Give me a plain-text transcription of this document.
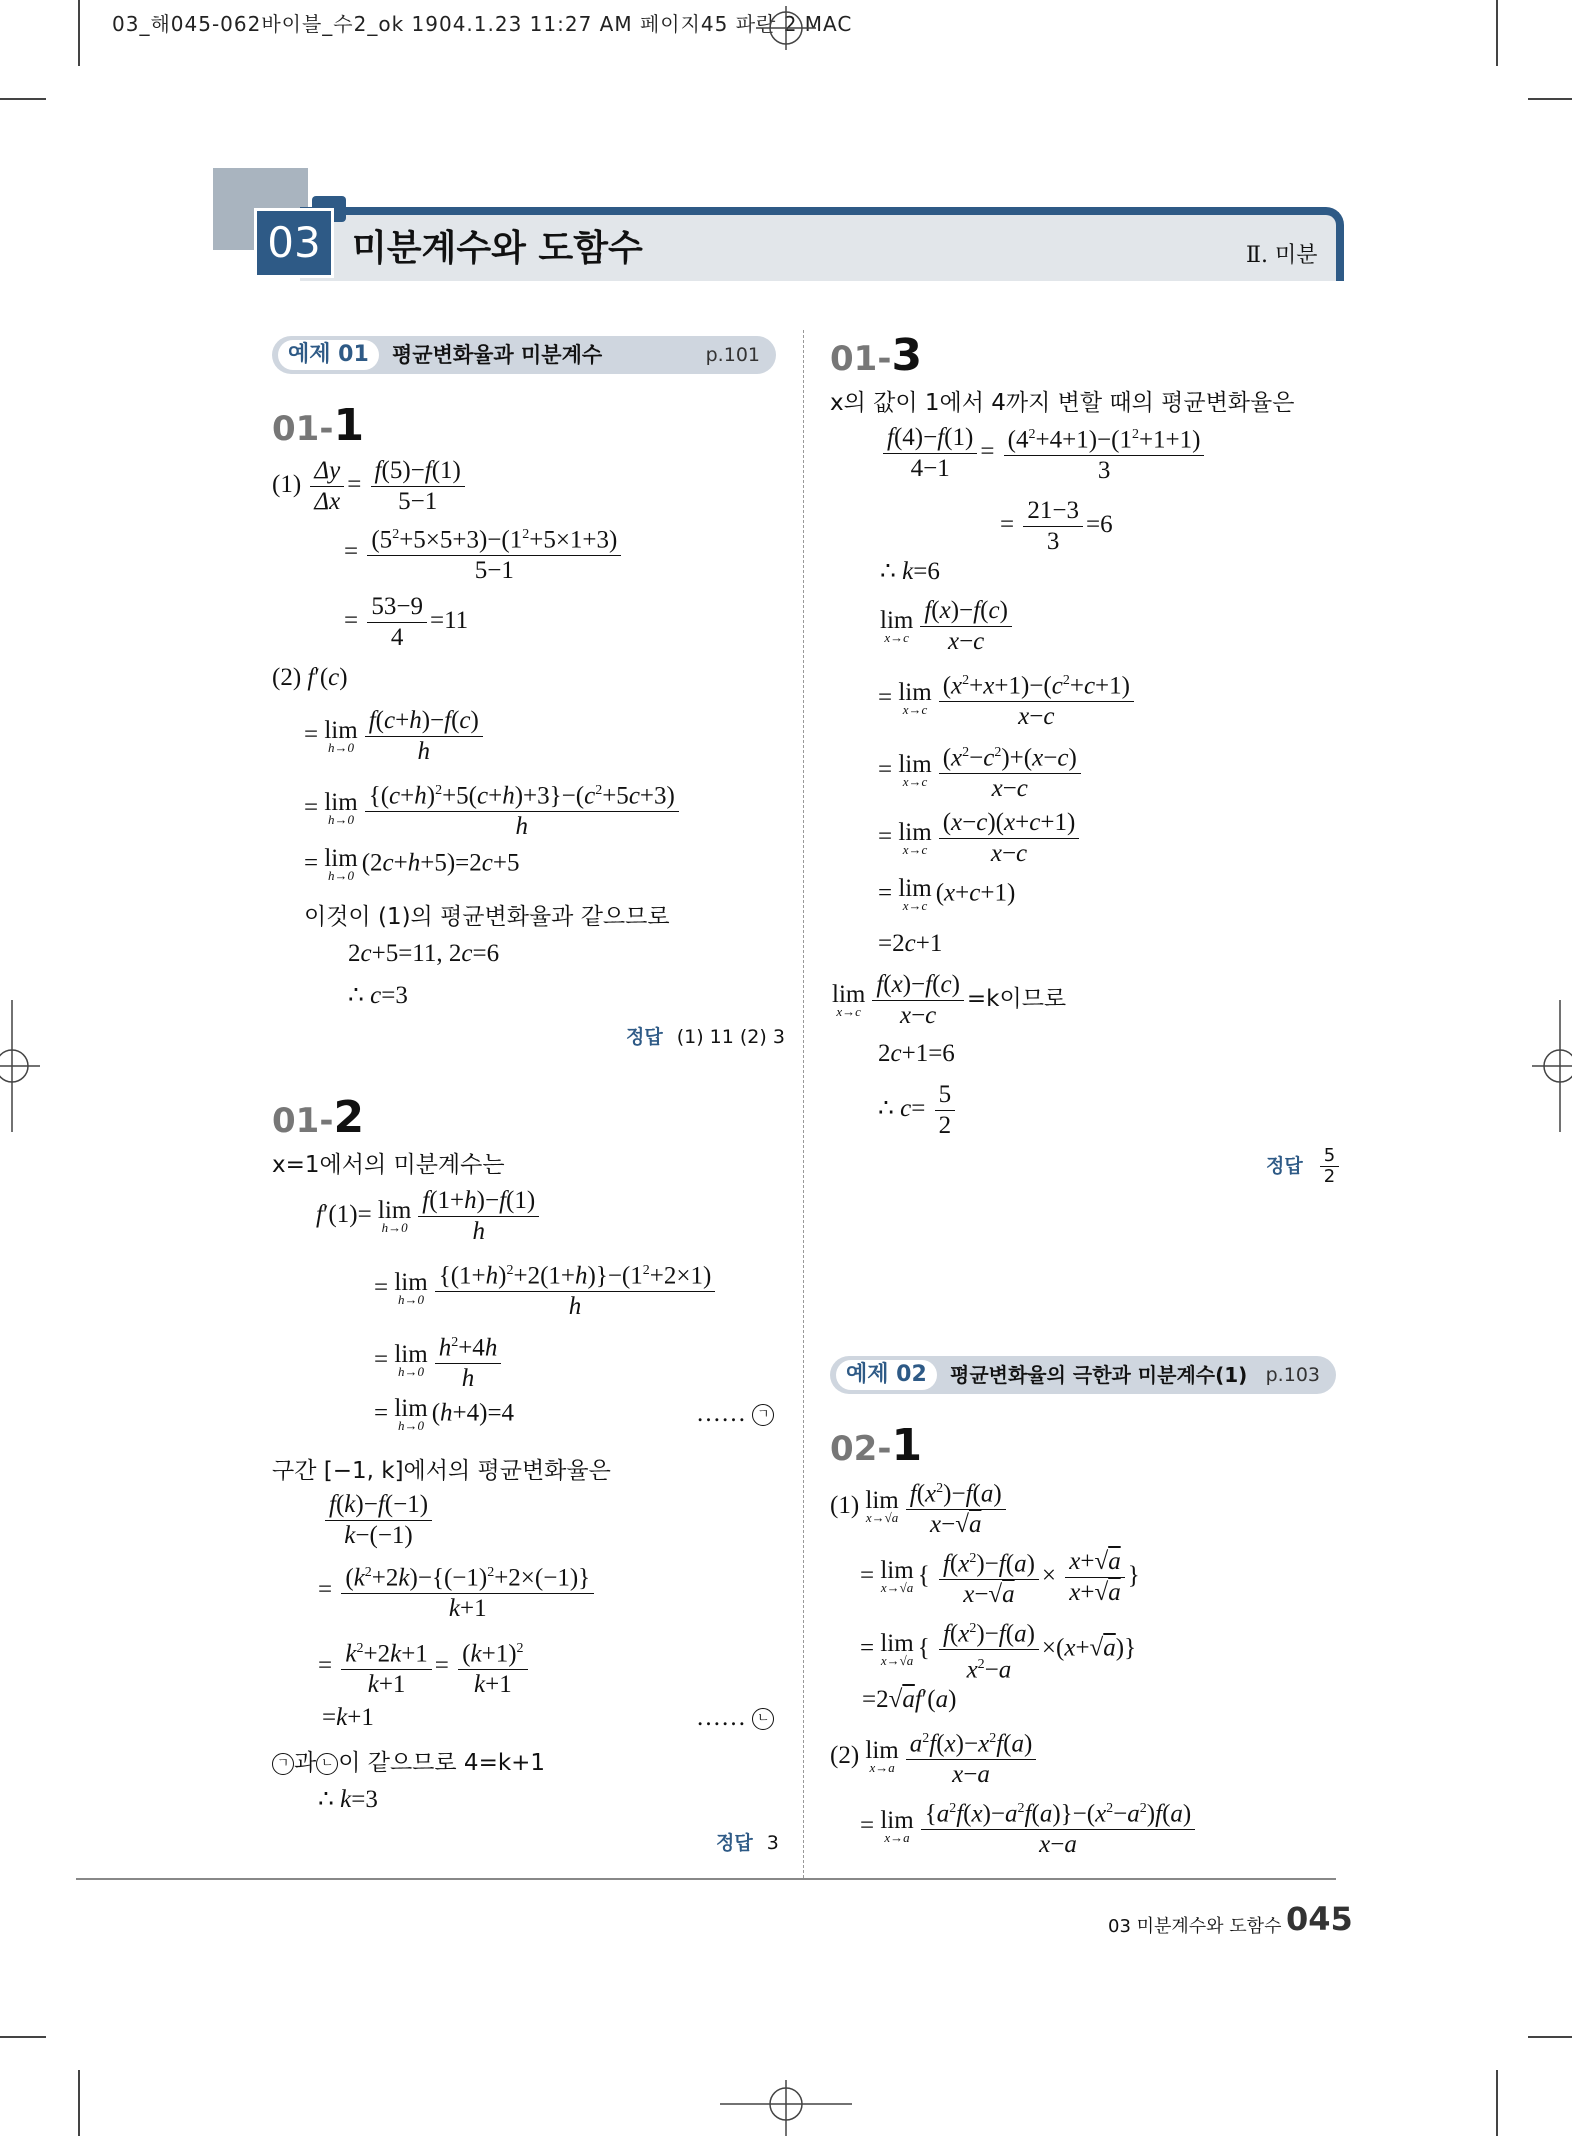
03_해045-062바이블_수2_ok 1904.1.23 11:27 AM 페이지45 파란 2 MAC
03 미분계수와 도함수	Ⅱ. 미분
예제 01	평균변화율과 미분계수	p.101
01-1
$(1) \frac{\Delta y}{\Delta x} = \frac{f(5)-f(1)}{5-1}$
= $\frac{(5^2+5\times 5+3)-(1^2+5\times 1+3)}{5-1}$
= $\frac{53-9}{4} =11$
(2) f′(c)
= lim
$h\to 0 \frac{f(c+h)-f(c)}{h}$
= lim
$h\to 0 \frac{\{(c+h)^2+5(c+h)+3\}-(c^2+5c+3)}{h}$
= lim
h→0 (2c+h+5)=2c+5
이것이 (1)의 평균변화율과 같으므로
2c+5=11, 2c=6
∴ c=3
정답 (1) 11 (2) 3
01-2
x=1에서의 미분계수는
f′(1)= lim
$h\to 0 \frac{f(1+h)-f(1)}{h}$
= lim
$h\to 0 \frac{\{(1+h)^2+2(1+h)\}-(1^2+2\times 1)}{h}$
= lim
$h\to 0 \frac{h^2+4h}{h}$
= lim
h→0 (h+4)=4	…… ㄱ
구간 [−1, k]에서의 평균변화율은
$\frac{f(k)-f(-1)}{k-(-1)}$
= $\frac{(k^2+2k)-\{(-1)^2+2\times(-1)\}}{k+1}$
= $\frac{k^2+2k+1}{k+1} = \frac{(k+1)^2}{k+1}$
=k+1	…… ㄴ
ㄱ 과 ㄴ 이 같으므로 4=k+1
∴ k=3
정답 3
01-3
x의 값이 1에서 4까지 변할 때의 평균변화율은
$\frac{f(4)-f(1)}{4-1} = \frac{(4^2+4+1)-(1^2+1+1)}{3}$
= $\frac{21-3}{3} =6$
∴ k=6
lim
$x\to c \frac{f(x)-f(c)}{x-c}$
= lim
$x\to c \frac{(x^2+x+1)-(c^2+c+1)}{x-c}$
= lim
$x\to c \frac{(x^2-c^2)+(x-c)}{x-c}$
= lim
$x\to c \frac{(x-c)(x+c+1)}{x-c}$
= lim
x→c (x+c+1)
=2c+1
lim
$x\to c \frac{f(x)-f(c)}{x-c} =k$이므로
2c+1=6
∴ $c= \frac{5}{2}$
정답 $\frac{5}{2}$
예제 02	평균변화율의 극한과 미분계수(1) p.103
02-1
(1) lim
$x\to√a \frac{f(x^2)-f(a)}{x-√a}$
= lim
x→√a { $\frac{f(x^2)-f(a)}{x-√a} \times \frac{x+√a}{x+√a}$ }
= lim
x→√a { $\frac{f(x^2)-f(a)}{x^2-a} \times(x+√a)$}
=2√af′(a)
(2) lim
$x\to a \frac{a^2f(x)-x^2f(a)}{x-a}$
= lim
$x\to a \frac{\{a^2f(x)-a^2f(a)\}-(x^2-a^2)f(a)}{x-a}$
03 미분계수와 도함수 045
